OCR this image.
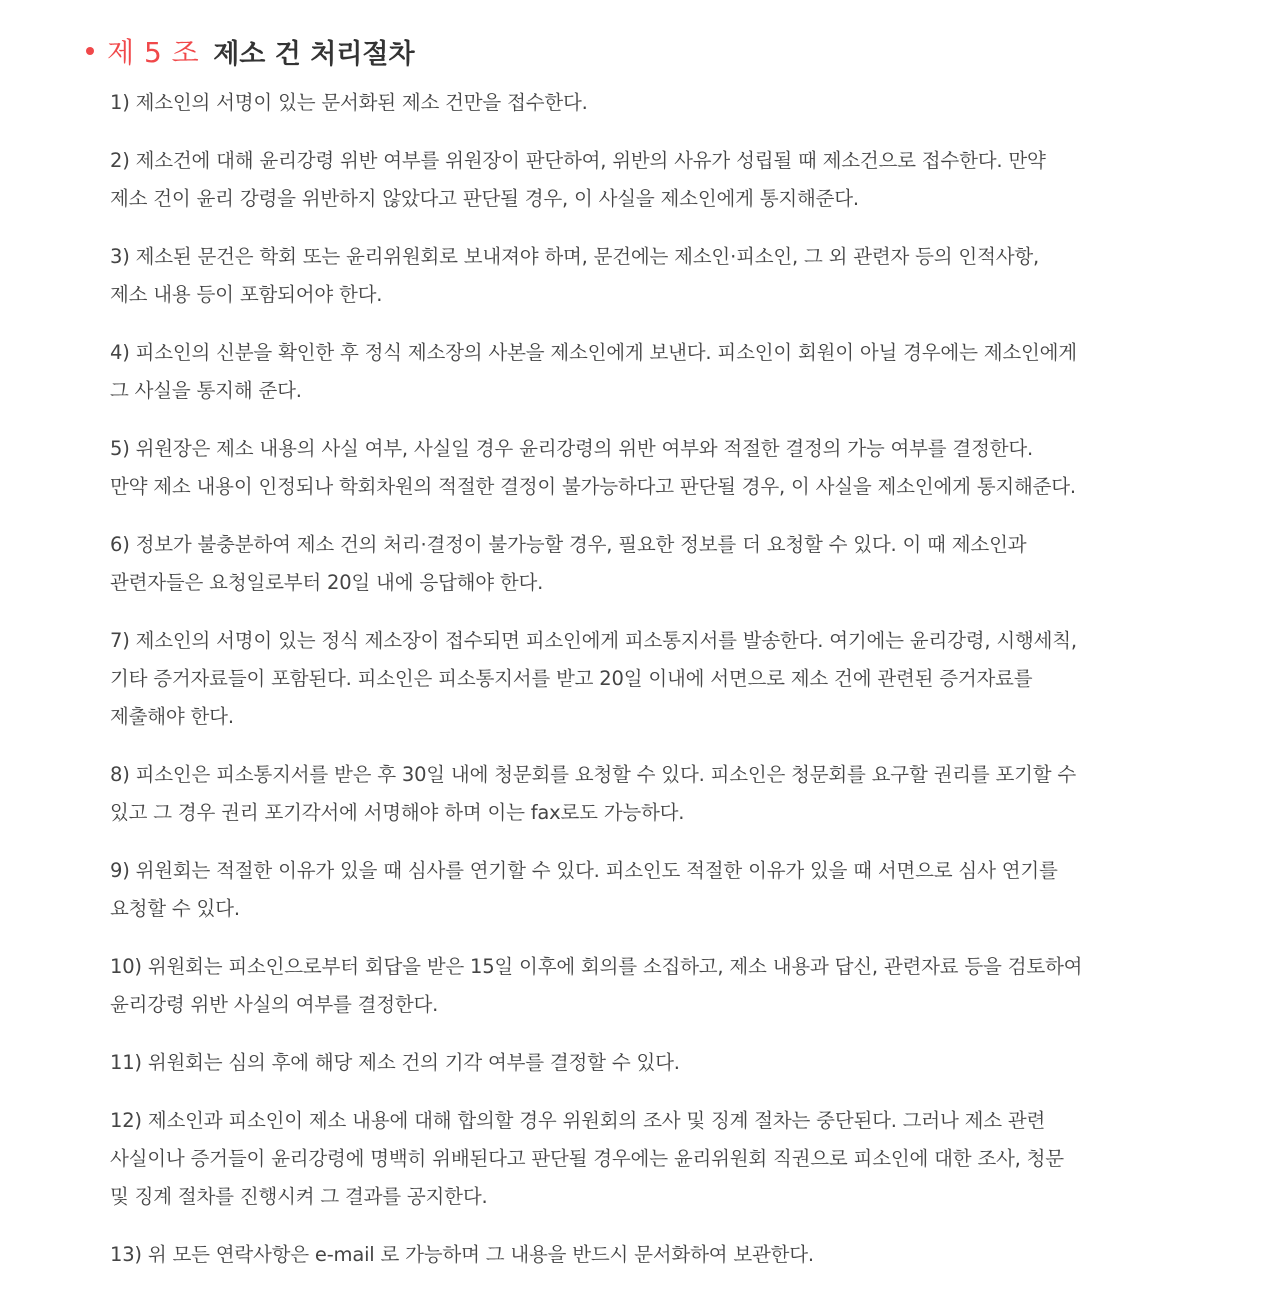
제 5 조 제소 건 처리절차
1) 제소인의 서명이 있는 문서화된 제소 건만을 접수한다.
2) 제소건에 대해 윤리강령 위반 여부를 위원장이 판단하여, 위반의 사유가 성립될 때 제소건으로 접수한다. 만약
제소 건이 윤리 강령을 위반하지 않았다고 판단될 경우, 이 사실을 제소인에게 통지해준다.
3) 제소된 문건은 학회 또는 윤리위원회로 보내져야 하며, 문건에는 제소인·피소인, 그 외 관련자 등의 인적사항,
제소 내용 등이 포함되어야 한다.
4) 피소인의 신분을 확인한 후 정식 제소장의 사본을 제소인에게 보낸다. 피소인이 회원이 아닐 경우에는 제소인에게
그 사실을 통지해 준다.
5) 위원장은 제소 내용의 사실 여부, 사실일 경우 윤리강령의 위반 여부와 적절한 결정의 가능 여부를 결정한다.
만약 제소 내용이 인정되나 학회차원의 적절한 결정이 불가능하다고 판단될 경우, 이 사실을 제소인에게 통지해준다.
6) 정보가 불충분하여 제소 건의 처리·결정이 불가능할 경우, 필요한 정보를 더 요청할 수 있다. 이 때 제소인과
관련자들은 요청일로부터 20일 내에 응답해야 한다.
7) 제소인의 서명이 있는 정식 제소장이 접수되면 피소인에게 피소통지서를 발송한다. 여기에는 윤리강령, 시행세칙,
기타 증거자료들이 포함된다. 피소인은 피소통지서를 받고 20일 이내에 서면으로 제소 건에 관련된 증거자료를
제출해야 한다.
8) 피소인은 피소통지서를 받은 후 30일 내에 청문회를 요청할 수 있다. 피소인은 청문회를 요구할 권리를 포기할 수
있고 그 경우 권리 포기각서에 서명해야 하며 이는 fax로도 가능하다.
9) 위원회는 적절한 이유가 있을 때 심사를 연기할 수 있다. 피소인도 적절한 이유가 있을 때 서면으로 심사 연기를
요청할 수 있다.
10) 위원회는 피소인으로부터 회답을 받은 15일 이후에 회의를 소집하고, 제소 내용과 답신, 관련자료 등을 검토하여
윤리강령 위반 사실의 여부를 결정한다.
11) 위원회는 심의 후에 해당 제소 건의 기각 여부를 결정할 수 있다.
12) 제소인과 피소인이 제소 내용에 대해 합의할 경우 위원회의 조사 및 징계 절차는 중단된다. 그러나 제소 관련
사실이나 증거들이 윤리강령에 명백히 위배된다고 판단될 경우에는 윤리위원회 직권으로 피소인에 대한 조사, 청문
및 징계 절차를 진행시켜 그 결과를 공지한다.
13) 위 모든 연락사항은 e-mail 로 가능하며 그 내용을 반드시 문서화하여 보관한다.
